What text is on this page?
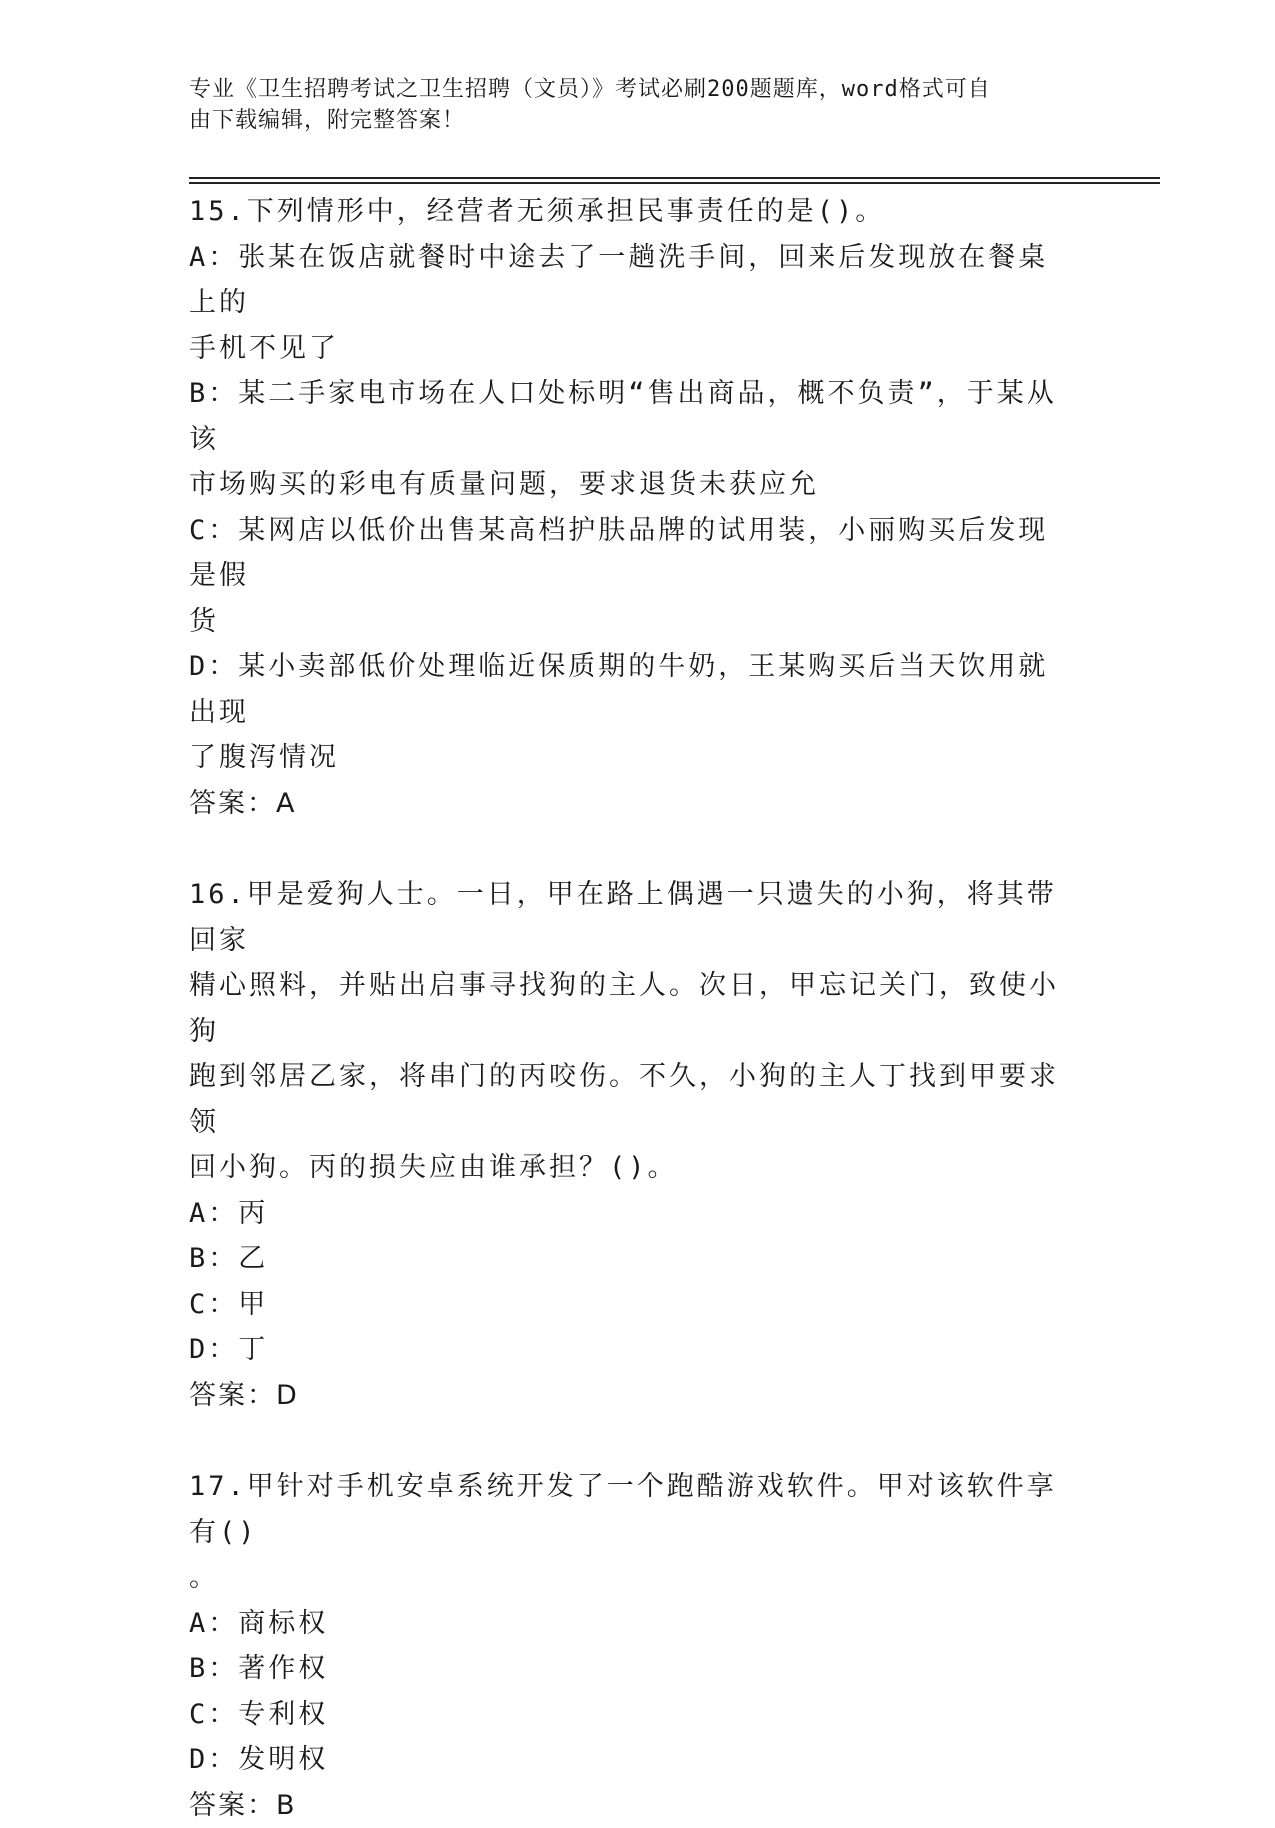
专业《卫生招聘考试之卫生招聘（文员）》考试必刷200题题库，word格式可自
由下载编辑，附完整答案！
15.下列情形中，经营者无须承担民事责任的是()。
A：张某在饭店就餐时中途去了一趟洗手间，回来后发现放在餐桌上的
手机不见了
B：某二手家电市场在人口处标明“售出商品，概不负责”，于某从该
市场购买的彩电有质量问题，要求退货未获应允
C：某网店以低价出售某高档护肤品牌的试用装，小丽购买后发现是假
货
D：某小卖部低价处理临近保质期的牛奶，王某购买后当天饮用就出现
了腹泻情况
答案：A
16.甲是爱狗人士。一日，甲在路上偶遇一只遗失的小狗，将其带回家
精心照料，并贴出启事寻找狗的主人。次日，甲忘记关门，致使小狗
跑到邻居乙家，将串门的丙咬伤。不久，小狗的主人丁找到甲要求领
回小狗。丙的损失应由谁承担？()。
A：丙
B：乙
C：甲
D：丁
答案：D
17.甲针对手机安卓系统开发了一个跑酷游戏软件。甲对该软件享有()
。
A：商标权
B：著作权
C：专利权
D：发明权
答案：B
